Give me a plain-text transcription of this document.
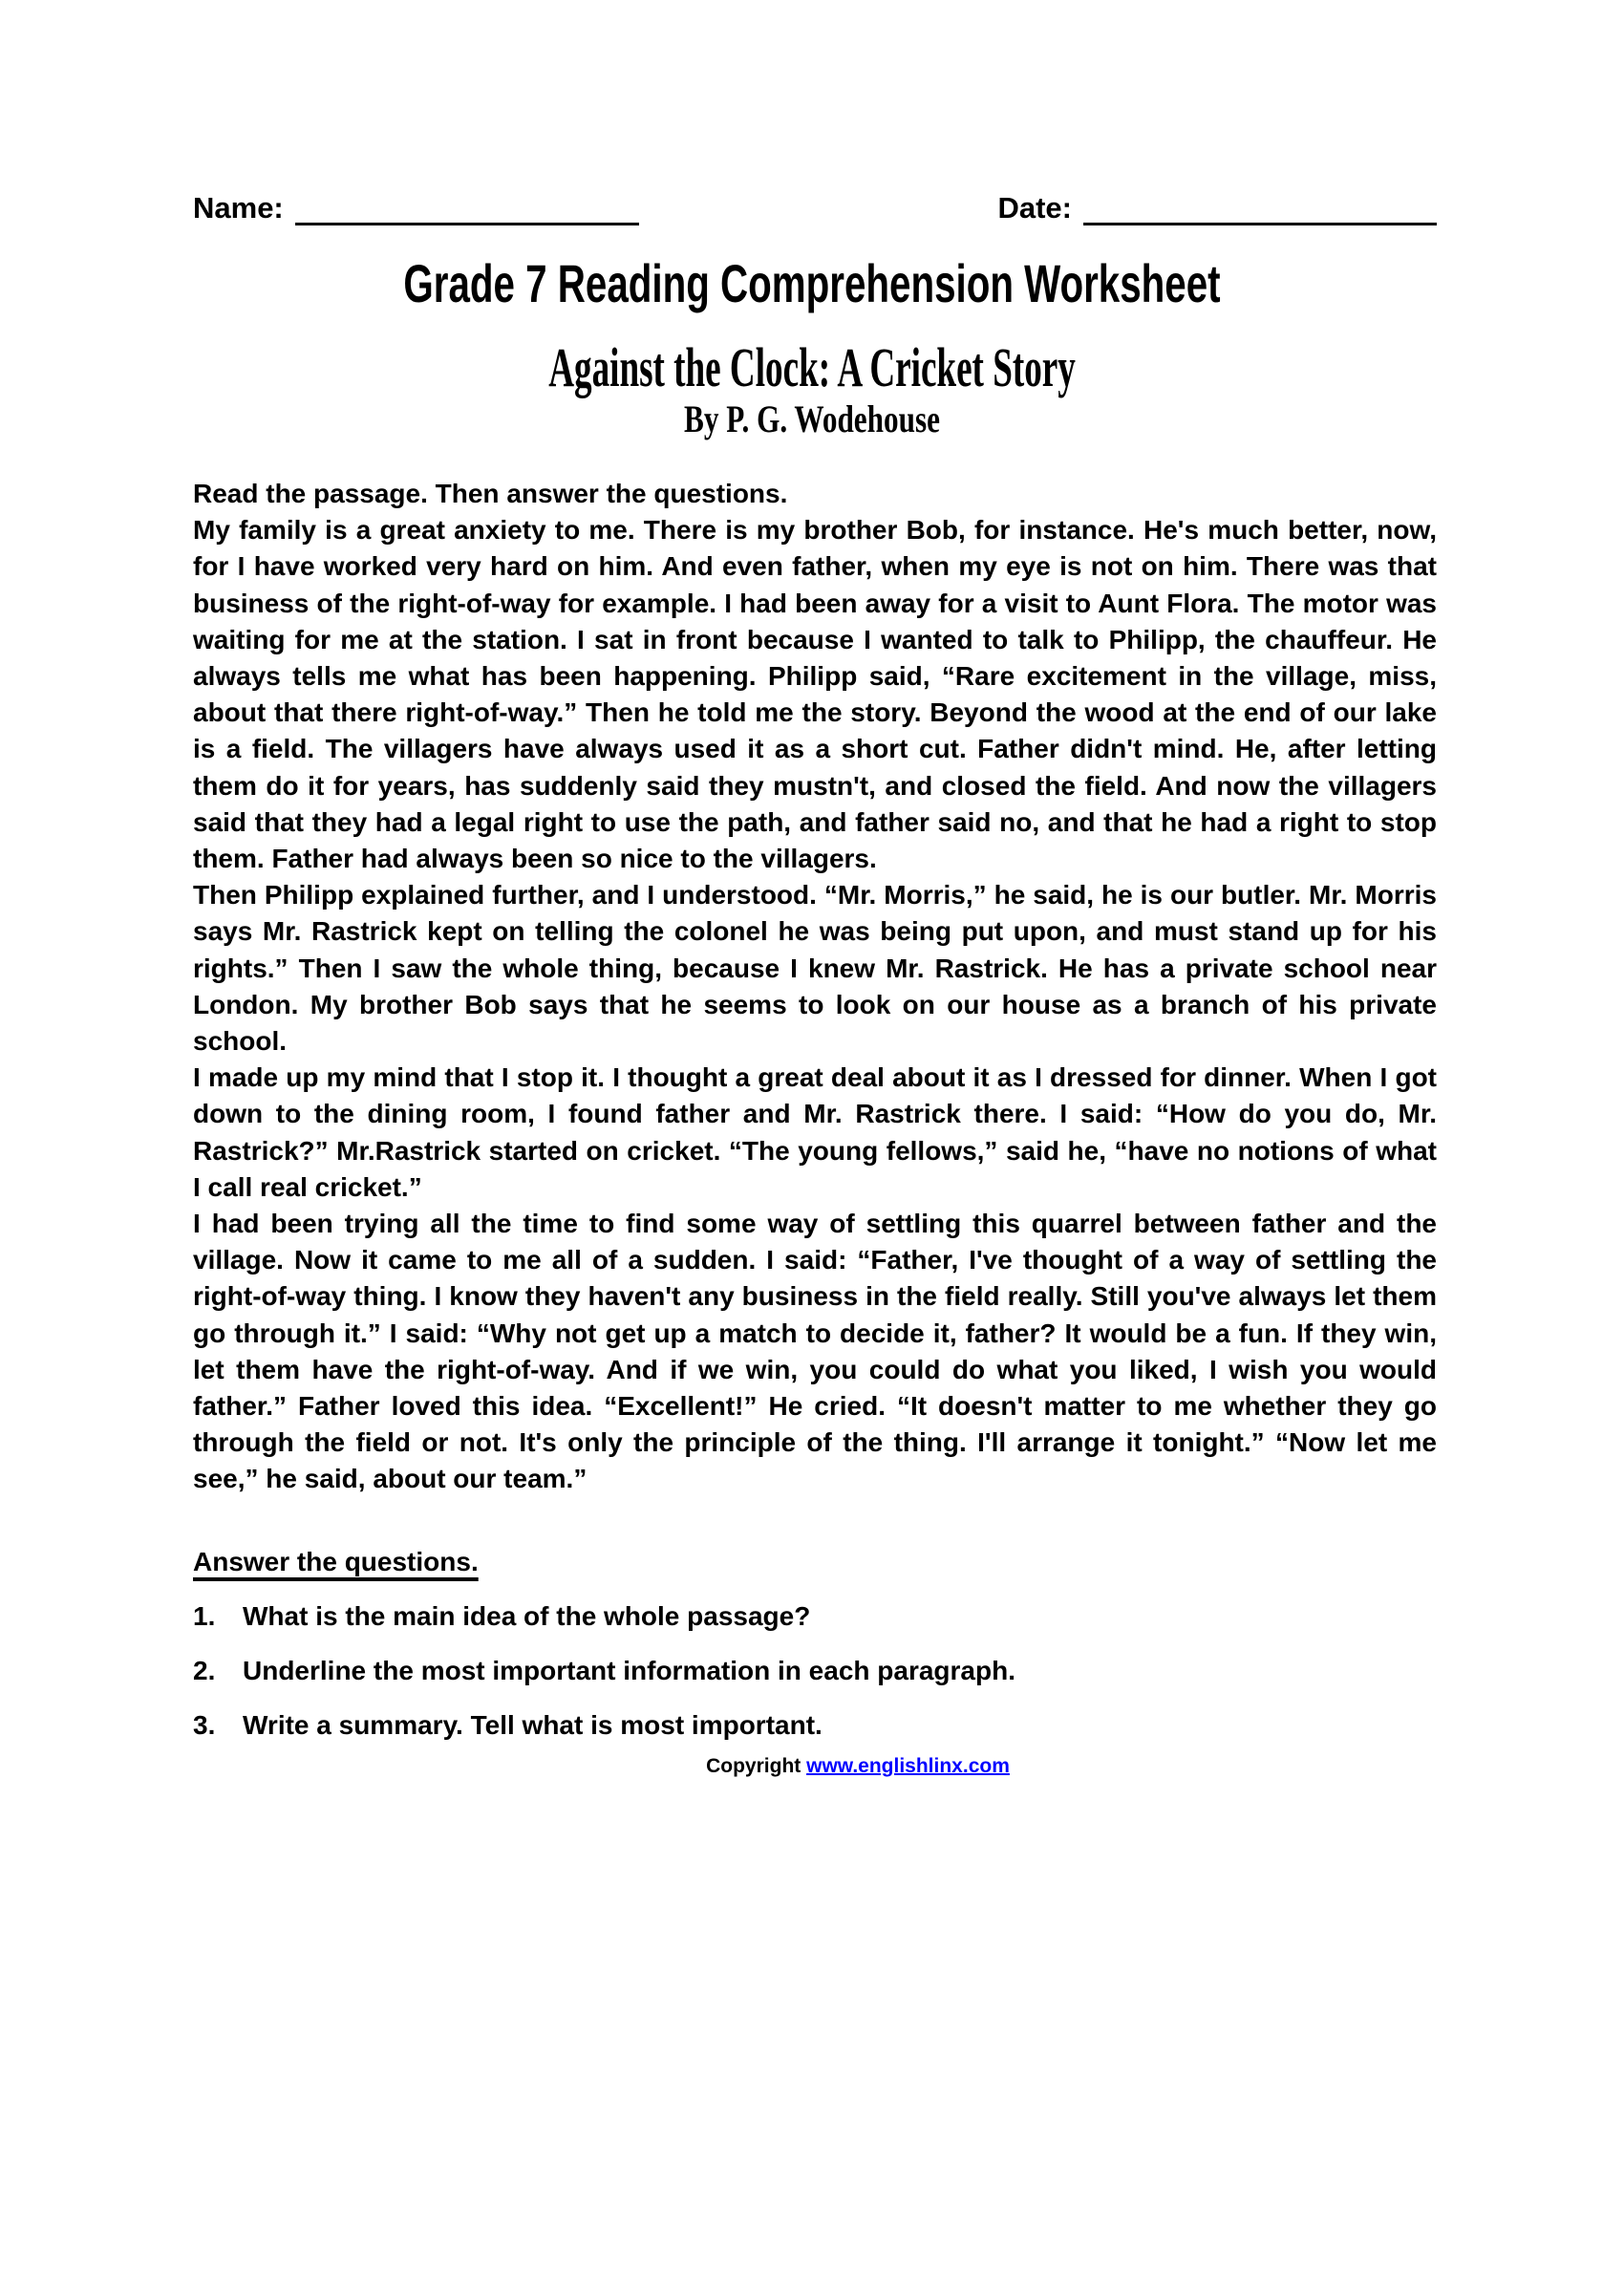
Name:	Date:
Grade 7 Reading Comprehension Worksheet
Against the Clock: A Cricket Story
By P. G. Wodehouse
Read the passage. Then answer the questions.

My family is a great anxiety to me. There is my brother Bob, for instance. He's much better, now, for I have worked very hard on him. And even father, when my eye is not on him. There was that business of the right-of-way for example. I had been away for a visit to Aunt Flora. The motor was waiting for me at the station. I sat in front because I wanted to talk to Philipp, the chauffeur. He always tells me what has been happening. Philipp said, “Rare excitement in the village, miss, about that there right-of-way.” Then he told me the story. Beyond the wood at the end of our lake is a field. The villagers have always used it as a short cut. Father didn't mind. He, after letting them do it for years, has suddenly said they mustn't, and closed the field. And now the villagers said that they had a legal right to use the path, and father said no, and that he had a right to stop them. Father had always been so nice to the villagers.

Then Philipp explained further, and I understood. “Mr. Morris,” he said, he is our butler. Mr. Morris says Mr. Rastrick kept on telling the colonel he was being put upon, and must stand up for his rights.” Then I saw the whole thing, because I knew Mr. Rastrick. He has a private school near London. My brother Bob says that he seems to look on our house as a branch of his private school.

I made up my mind that I stop it. I thought a great deal about it as I dressed for dinner. When I got down to the dining room, I found father and Mr. Rastrick there. I said: “How do you do, Mr. Rastrick?” Mr.Rastrick started on cricket. “The young fellows,” said he, “have no notions of what I call real cricket.”

I had been trying all the time to find some way of settling this quarrel between father and the village. Now it came to me all of a sudden. I said: “Father, I've thought of a way of settling the right-of-way thing. I know they haven't any business in the field really. Still you've always let them go through it.” I said: “Why not get up a match to decide it, father? It would be a fun. If they win, let them have the right-of-way. And if we win, you could do what you liked, I wish you would father.” Father loved this idea. “Excellent!” He cried. “It doesn't matter to me whether they go through the field or not. It's only the principle of the thing. I'll arrange it tonight.” “Now let me see,” he said, about our team.”

Answer the questions.
1.	What is the main idea of the whole passage?
2.	Underline the most important information in each paragraph.
3.	Write a summary. Tell what is most important.
Copyright www.englishlinx.com
